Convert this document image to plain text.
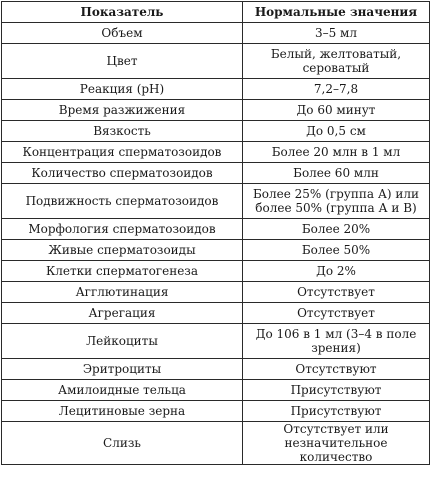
Показатель	Нормальные значения
Объем	3–5 мл
Цвет	Белый, желтоватый, сероватый
Реакция (pH)	7,2–7,8
Время разжижения	До 60 минут
Вязкость	До 0,5 см
Концентрация сперматозоидов	Более 20 млн в 1 мл
Количество сперматозоидов	Более 60 млн
Подвижность сперматозоидов	Более 25% (группа А) или более 50% (группа А и В)
Морфология сперматозоидов	Более 20%
Живые сперматозоиды	Более 50%
Клетки сперматогенеза	До 2%
Агглютинация	Отсутствует
Агрегация	Отсутствует
Лейкоциты	До 106 в 1 мл (3–4 в поле зрения)
Эритроциты	Отсутствуют
Амилоидные тельца	Присутствуют
Лецитиновые зерна	Присутствуют
Слизь	Отсутствует или незначительное количество
